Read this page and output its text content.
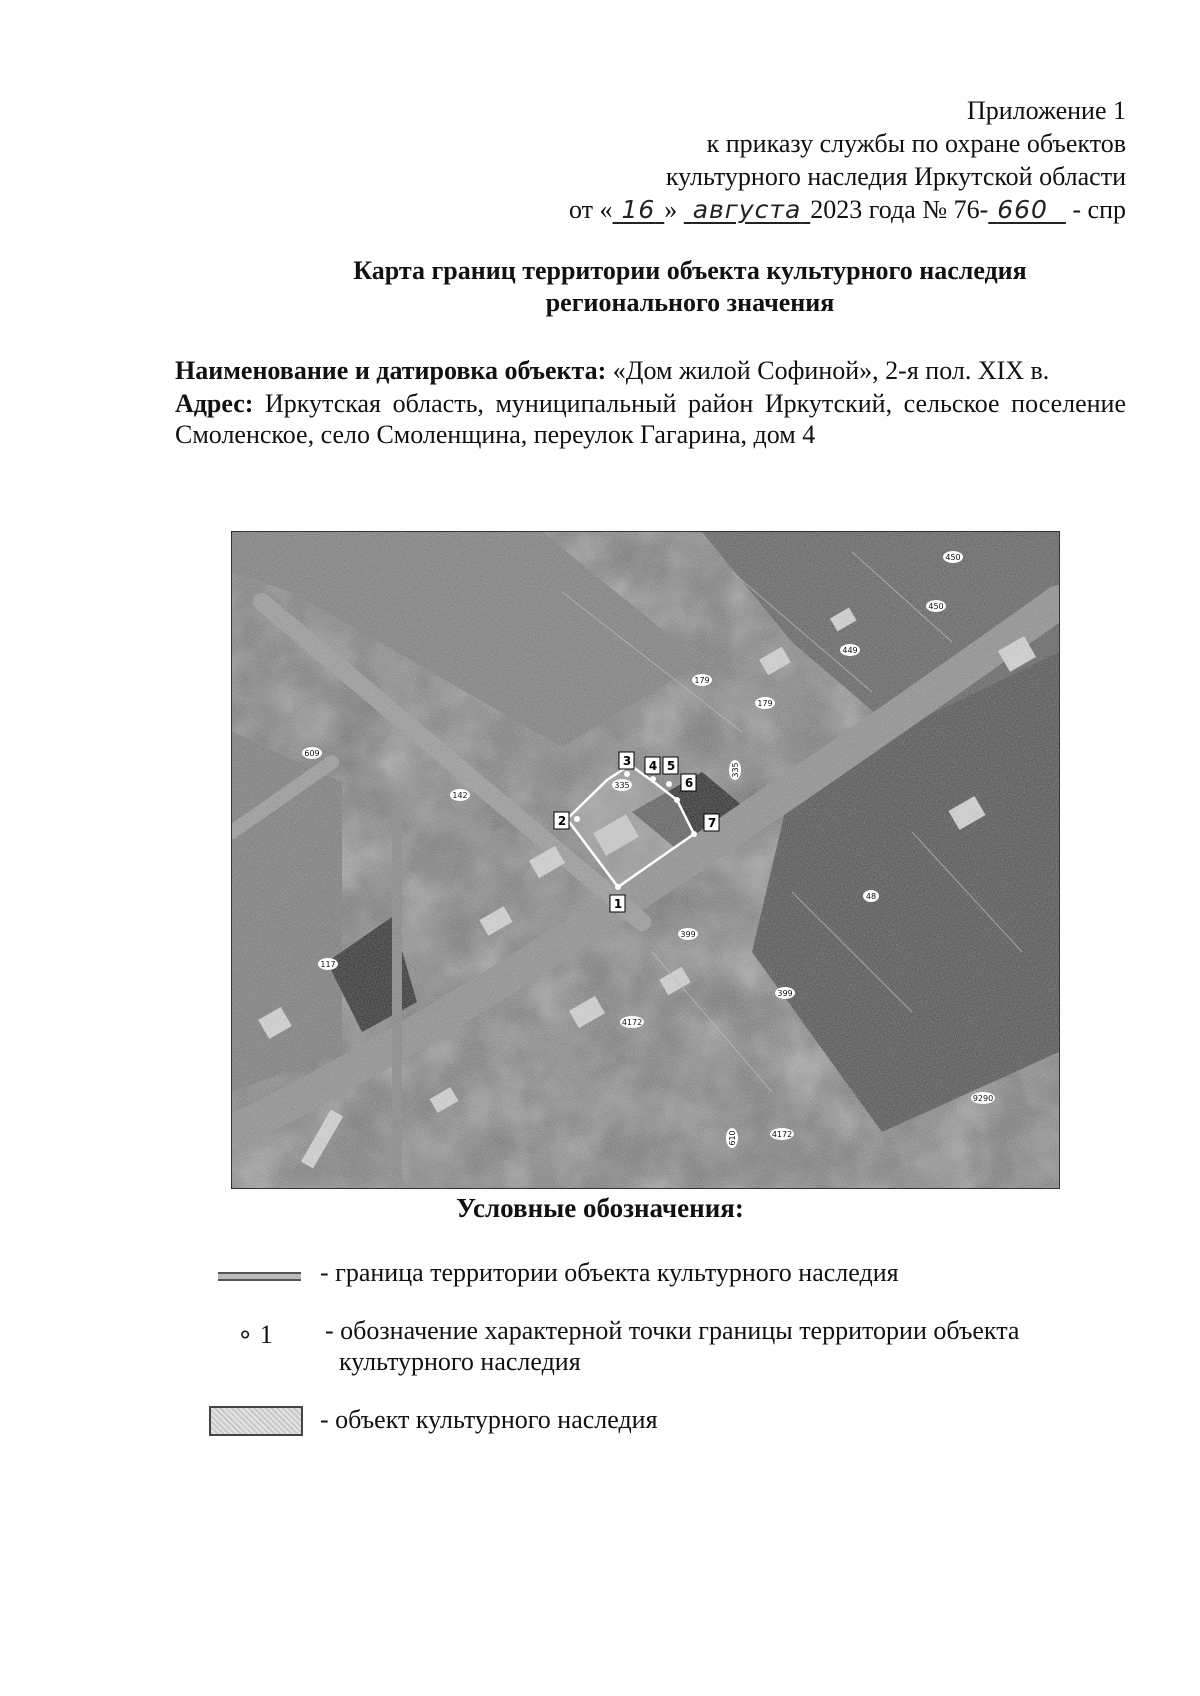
Приложение 1
к приказу службы по охране объектов
культурного наследия Иркутской области
от « 16 » августа 2023 года № 76- 660 - спр
Карта границ территории объекта культурного наследия
регионального значения

Наименование и датировка объекта: «Дом жилой Софиной», 2-я пол. XIX в.

Адрес: Иркутская область, муниципальный район Иркутский, сельское поселение Смоленское, село Смоленщина, переулок Гагарина, дом 4

450
450
449
179
179
335
335
609
142
48
399
399
117
4172
4172
9290
610
1
2
3 4 5
6
7
Условные обозначения:
- граница территории объекта культурного наследия
∘ 1 - обозначение характерной точки границы территории объекта
культурного наследия
- объект культурного наследия
